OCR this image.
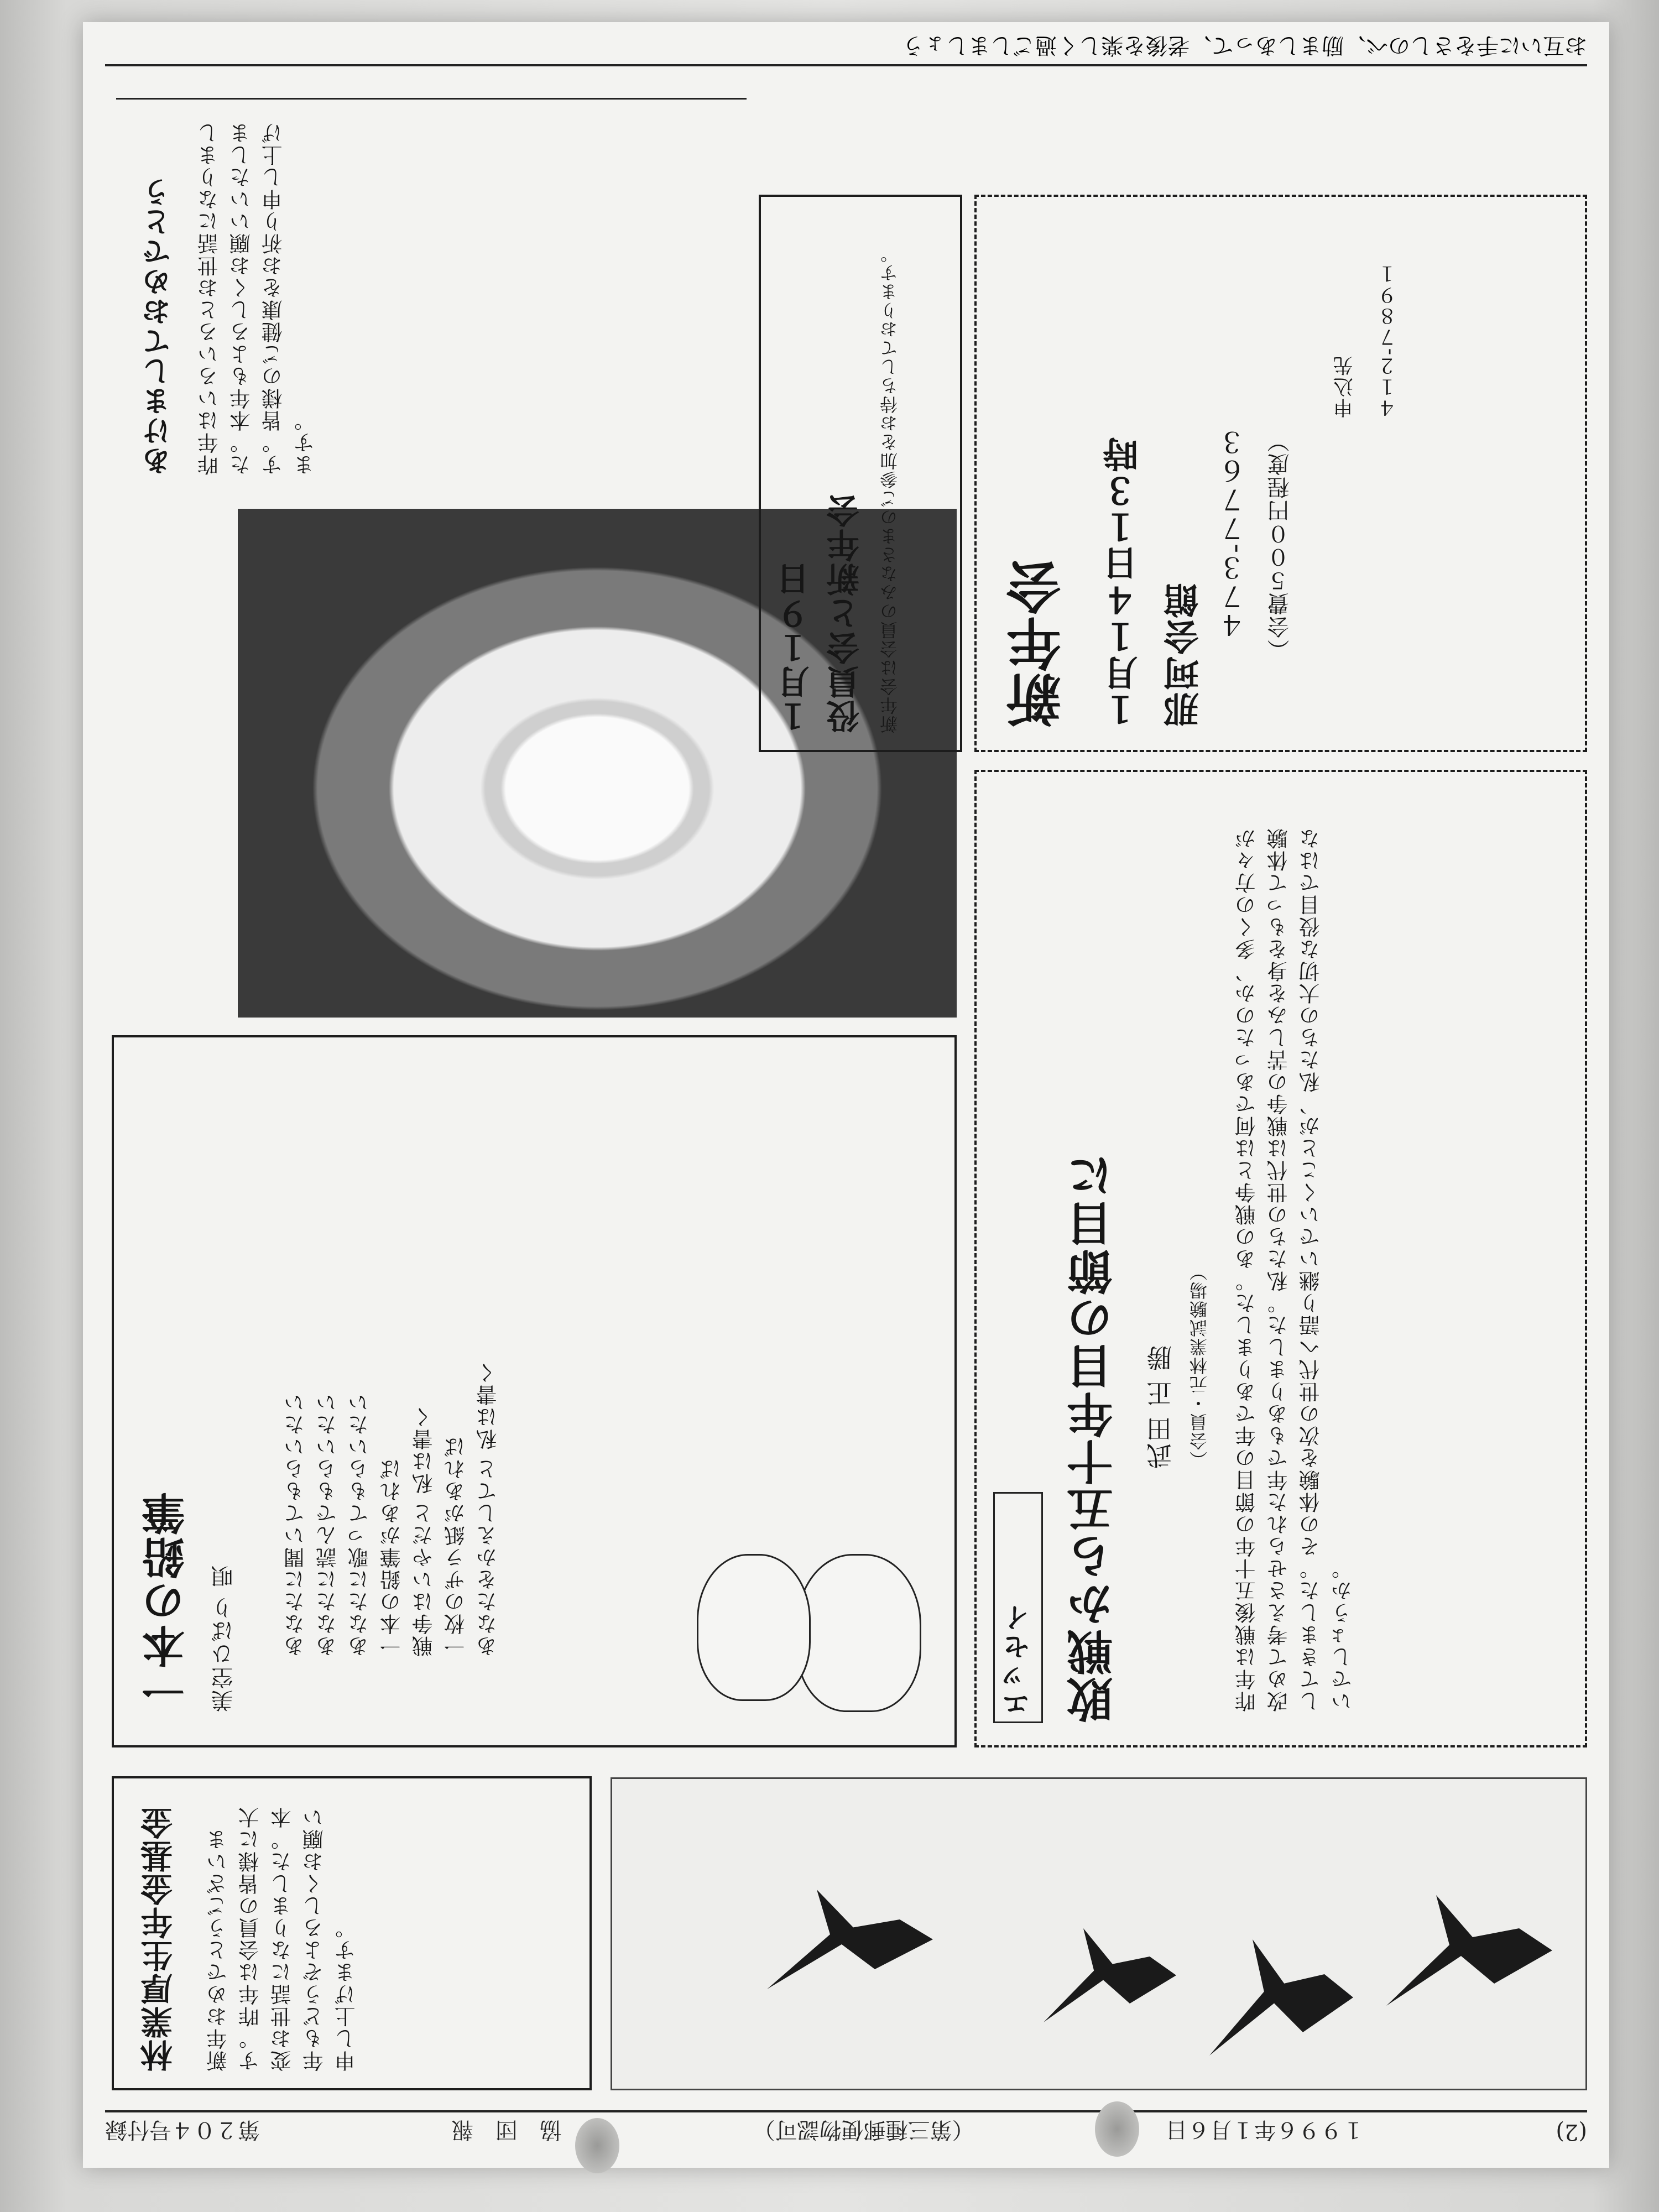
(2)
１９９６年１月６日
（第三種郵便物認可）
協　団　報
第２０４号付録
林業厚生年金基金 新年おめでとうございます。昨年は会員の皆様に大変お世話になりました。本年もどうぞよろしくお願い申し上げます。
エッセイ 敗戦から五十年目の節目に 武田 正 勝 （会員・元林業試験場） 昨年は戦後五十年の節目の年でありました。あの戦争とは何であったのか、多くの方々が改めて考えさせられた年でもありました。私たちの世代は戦争の苦しみを身をもって体験してきました。その体験を次の世代へ語り継いでいくことが、私たちの大切な役目ではないでしょうか。
一本の鉛筆 美空ひばり 唄 あなたに聞いてもらいたい あなたに読んでもらいたい あなたに歌ってもらいたい 一本の鉛筆があれば 戦争はいやだと 私は書く 一枚のザラ紙があれば あなたをかえしてと 私は書く
１月１９日 役員会と新年会 新年会は会員のみなさまのご参加をお待ちしております。	新年会 １月１４日１３時 那珂会館
４７３-７７６３ （会費５００円程度）
申込先 ４１２-７８９１
あけましておめでとう 昨年はいろいろとお世話になりました。本年もよろしくお願いいたします。皆様のご健康をお祈り申し上げます。
お互いに手をさしのべ、励ましあって、老後を楽しく過ごしましょう
